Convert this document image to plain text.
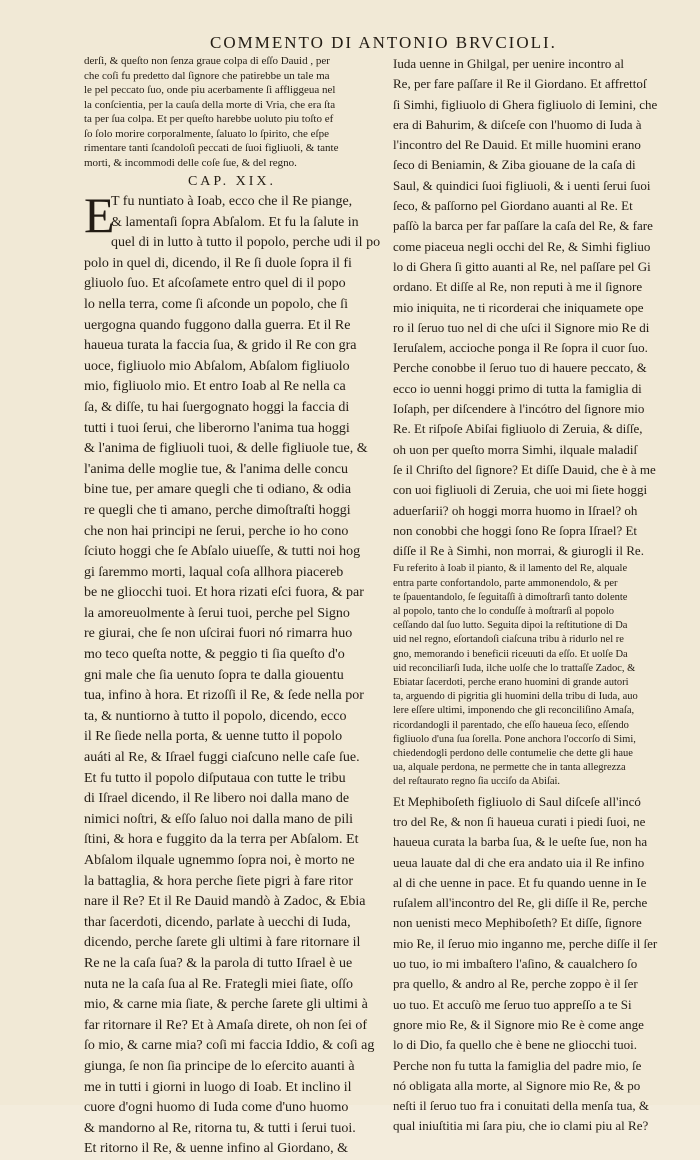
COMMENTO DI ANTONIO BRVCIOLI.
derſi, & queſto non ſenza graue colpa di eſſo Dauid , per
che coſi fu predetto dal ſignore che patirebbe un tale ma
le pel peccato ſuo, onde piu acerbamente ſi affliggeua nel
la conſcientia, per la cauſa della morte di Vria, che era ſta
ta per ſua colpa. Et per queſto harebbe uoluto piu toſto ef
ſo ſolo morire corporalmente, ſaluato lo ſpirito, che eſpe
rimentare tanti ſcandoloſi peccati de ſuoi figliuoli, & tante
morti, & incommodi delle coſe ſue, & del regno.
CAP. XIX.
E
T fu nuntiato à Ioab, ecco che il Re piange,
& lamentaſi ſopra Abſalom. Et fu la ſalute in
quel di in lutto à tutto il popolo, perche udi il po
polo in quel di, dicendo, il Re ſi duole ſopra il fi
gliuolo ſuo. Et aſcoſamete entro quel di il popo
lo nella terra, come ſi aſconde un popolo, che ſi
uergogna quando fuggono dalla guerra. Et il Re
haueua turata la faccia ſua, & grido il Re con gra
uoce, figliuolo mio Abſalom, Abſalom figliuolo
mio, figliuolo mio. Et entro Ioab al Re nella ca
ſa, & diſſe, tu hai ſuergognato hoggi la faccia di
tutti i tuoi ſerui, che liberorno l'anima tua hoggi
& l'anima de figliuoli tuoi, & delle figliuole tue, &
l'anima delle moglie tue, & l'anima delle concu
bine tue, per amare quegli che ti odiano, & odia
re quegli che ti amano, perche dimoſtraſti hoggi
che non hai principi ne ſerui, perche io ho cono
ſciuto hoggi che ſe Abſalo uiueſſe, & tutti noi hog
gi ſaremmo morti, laqual coſa allhora piacereb
be ne gliocchi tuoi. Et hora rizati eſci fuora, & par
la amoreuolmente à ſerui tuoi, perche pel Signo
re giurai, che ſe non uſcirai fuori nó rimarra huo
mo teco queſta notte, & peggio ti ſia queſto d'o
gni male che ſia uenuto ſopra te dalla giouentu
tua, infino à hora. Et rizoſſi il Re, & ſede nella por
ta, & nuntiorno à tutto il popolo, dicendo, ecco
il Re ſiede nella porta, & uenne tutto il popolo
auáti al Re, & Iſrael fuggi ciaſcuno nelle caſe ſue.
Et fu tutto il popolo diſputaua con tutte le tribu
di Iſrael dicendo, il Re libero noi dalla mano de
nimici noſtri, & eſſo ſaluo noi dalla mano de pili
ſtini, & hora e fuggito da la terra per Abſalom. Et
Abſalom ilquale ugnemmo ſopra noi, è morto ne
la battaglia, & hora perche ſiete pigri à fare ritor
nare il Re? Et il Re Dauid mandò à Zadoc, & Ebia
thar ſacerdoti, dicendo, parlate à uecchi di Iuda,
dicendo, perche ſarete gli ultimi à fare ritornare il
Re ne la caſa ſua? & la parola di tutto Iſrael è ue
nuta ne la caſa ſua al Re. Frategli miei ſiate, oſſo
mio, & carne mia ſiate, & perche ſarete gli ultimi à
far ritornare il Re? Et à Amaſa direte, oh non ſei of
ſo mio, & carne mia? coſi mi faccia Iddio, & coſi ag
giunga, ſe non ſia principe de lo eſercito auanti à
me in tutti i giorni in luogo di Ioab. Et inclino il
cuore d'ogni huomo di Iuda come d'uno huomo
& mandorno al Re, ritorna tu, & tutti i ſerui tuoi.
Et ritorno il Re, & uenne infino al Giordano, &
Iuda uenne in Ghilgal, per uenire incontro al
Re, per fare paſſare il Re il Giordano. Et affrettoſ
ſi Simhi, figliuolo di Ghera figliuolo di Iemini, che
era di Bahurim, & diſceſe con l'huomo di Iuda à
l'incontro del Re Dauid. Et mille huomini erano
ſeco di Beniamin, & Ziba giouane de la caſa di
Saul, & quindici ſuoi figliuoli, & i uenti ſerui ſuoi
ſeco, & paſſorno pel Giordano auanti al Re. Et
paſſò la barca per far paſſare la caſa del Re, & fare
come piaceua negli occhi del Re, & Simhi figliuo
lo di Ghera ſi gitto auanti al Re, nel paſſare pel Gi
ordano. Et diſſe al Re, non reputi à me il ſignore
mio iniquita, ne ti ricorderai che iniquamete ope
ro il ſeruo tuo nel di che uſci il Signore mio Re di
Ieruſalem, accioche ponga il Re ſopra il cuor ſuo.
Perche conobbe il ſeruo tuo di hauere peccato, &
ecco io uenni hoggi primo di tutta la famiglia di
Ioſaph, per diſcendere à l'incótro del ſignore mio
Re. Et riſpoſe Abiſai figliuolo di Zeruia, & diſſe,
oh uon per queſto morra Simhi, ilquale maladiſ
ſe il Chriſto del ſignore? Et diſſe Dauid, che è à me
con uoi figliuoli di Zeruia, che uoi mi ſiete hoggi
aduerſarii? oh hoggi morra huomo in Iſrael? oh
non conobbi che hoggi ſono Re ſopra Iſrael? Et
diſſe il Re à Simhi, non morrai, & giurogli il Re.
Fu referito à Ioab il pianto, & il lamento del Re, alquale
entra parte confortandolo, parte ammonendolo, & per
te ſpauentandolo, ſe ſeguitaſſi à dimoſtrarſi tanto dolente
al popolo, tanto che lo conduſſe à moſtrarſi al popolo
ceſſando dal ſuo lutto. Seguita dipoi la reſtitutione di Da
uid nel regno, eſortandoſi ciaſcuna tribu à ridurlo nel re
gno, memorando i beneficii riceuuti da eſſo. Et uolſe Da
uid reconciliarſi Iuda, ilche uolſe che lo trattaſſe Zadoc, &
Ebiatar ſacerdoti, perche erano huomini di grande autori
ta, arguendo di pigritia gli huomini della tribu di Iuda, auo
lere eſſere ultimi, imponendo che gli reconciliſino Amaſa,
ricordandogli il parentado, che eſſo haueua ſeco, eſſendo
figliuolo d'una ſua ſorella. Pone anchora l'occorſo di Simi,
chiedendogli perdono delle contumelie che dette gli haue
ua, alquale perdona, ne permette che in tanta allegrezza
del reſtaurato regno ſia ucciſo da Abiſai.
Et Mephiboſeth figliuolo di Saul diſceſe all'incó
tro del Re, & non ſi haueua curati i piedi ſuoi, ne
haueua curata la barba ſua, & le ueſte ſue, non ha
ueua lauate dal di che era andato uia il Re infino
al di che uenne in pace. Et fu quando uenne in Ie
ruſalem all'incontro del Re, gli diſſe il Re, perche
non uenisti meco Mephiboſeth? Et diſſe, ſignore
mio Re, il ſeruo mio inganno me, perche diſſe il ſer
uo tuo, io mi imbaſtero l'aſino, & caualchero ſo
pra quello, & andro al Re, perche zoppo è il ſer
uo tuo. Et accuſò me ſeruo tuo appreſſo a te Si
gnore mio Re, & il Signore mio Re è come ange
lo di Dio, fa quello che è bene ne gliocchi tuoi.
Perche non fu tutta la famiglia del padre mio, ſe
nó obligata alla morte, al Signore mio Re, & po
neſti il ſeruo tuo fra i conuitati della menſa tua, &
qual iniuſtitia mi ſara piu, che io clami piu al Re?
